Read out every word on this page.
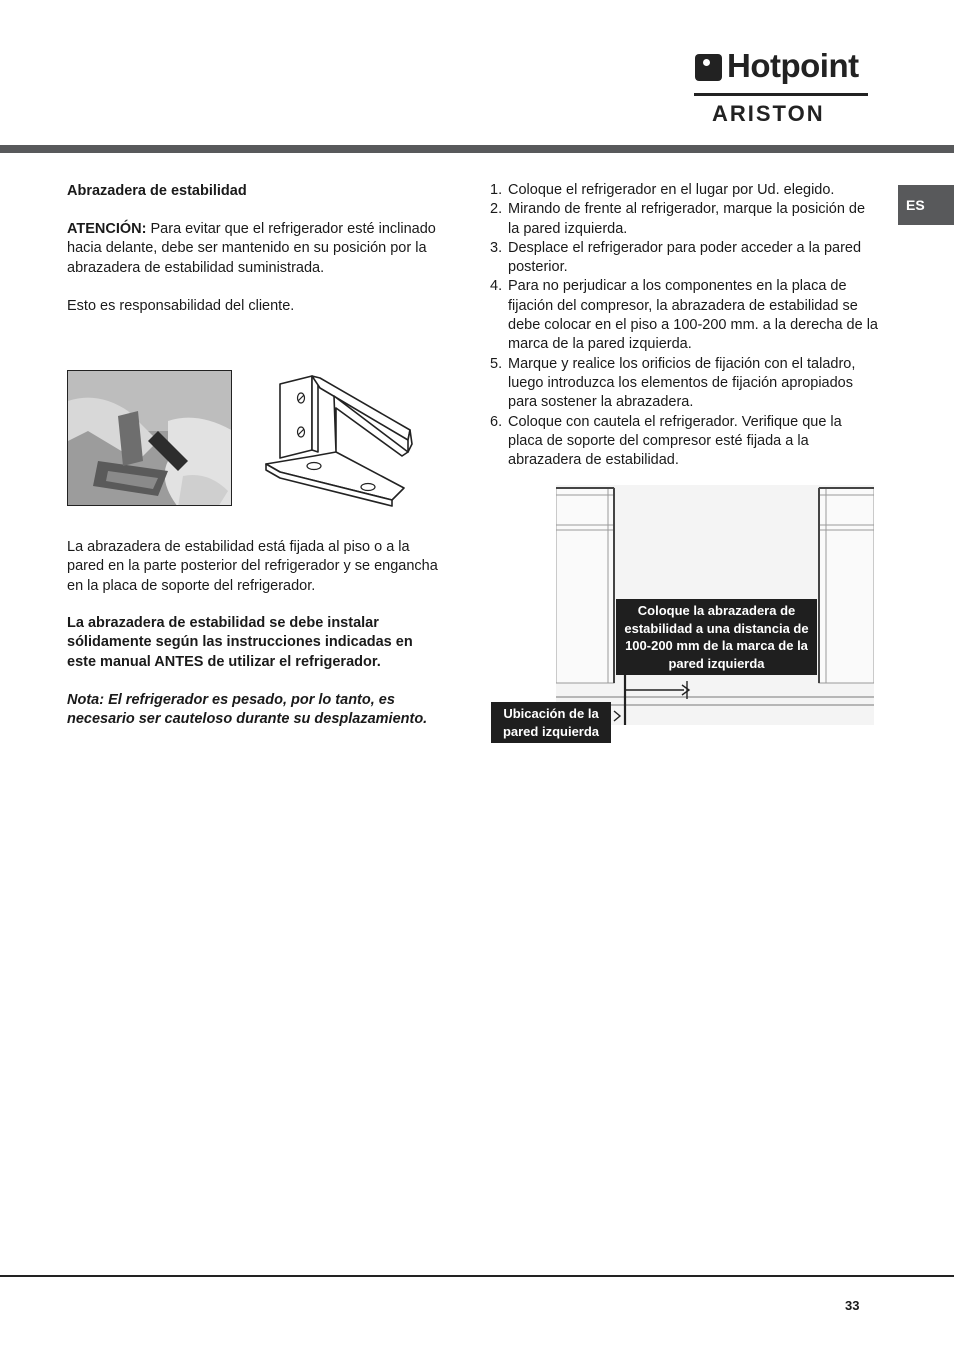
Hotpoint
ARISTON
ES
Abrazadera de estabilidad
ATENCIÓN: Para evitar que el refrigerador esté inclinado hacia delante, debe ser mantenido en su posición por la abrazadera de estabilidad suministrada.
Esto es responsabilidad del cliente.
La abrazadera de estabilidad está fijada al piso o a la pared en la parte posterior del refrigerador y se engancha en la placa de soporte del refrigerador.
La abrazadera de estabilidad se debe instalar sólidamente según las instrucciones indicadas en este manual ANTES de utilizar el refrigerador.
Nota: El refrigerador es pesado, por lo tanto, es necesario ser cauteloso durante su desplazamiento.
1. Coloque el refrigerador en el lugar por Ud. elegido.
2. Mirando de frente al refrigerador, marque la posición de la pared izquierda.
3. Desplace el refrigerador para poder acceder a la pared posterior.
4. Para no perjudicar a los componentes en la placa de fijación del compresor, la abrazadera de estabilidad se debe colocar en el piso a 100-200 mm. a la derecha de la marca de la pared izquierda.
5. Marque y realice los orificios de fijación con el taladro, luego introduzca los elementos de fijación apropiados para sostener la abrazadera.
6. Coloque con cautela el refrigerador. Verifique que la placa de soporte del compresor esté fijada a la abrazadera de estabilidad.
Coloque la abrazadera de estabilidad a una distancia de 100-200 mm de la marca de la pared izquierda
Ubicación de la pared izquierda
33
